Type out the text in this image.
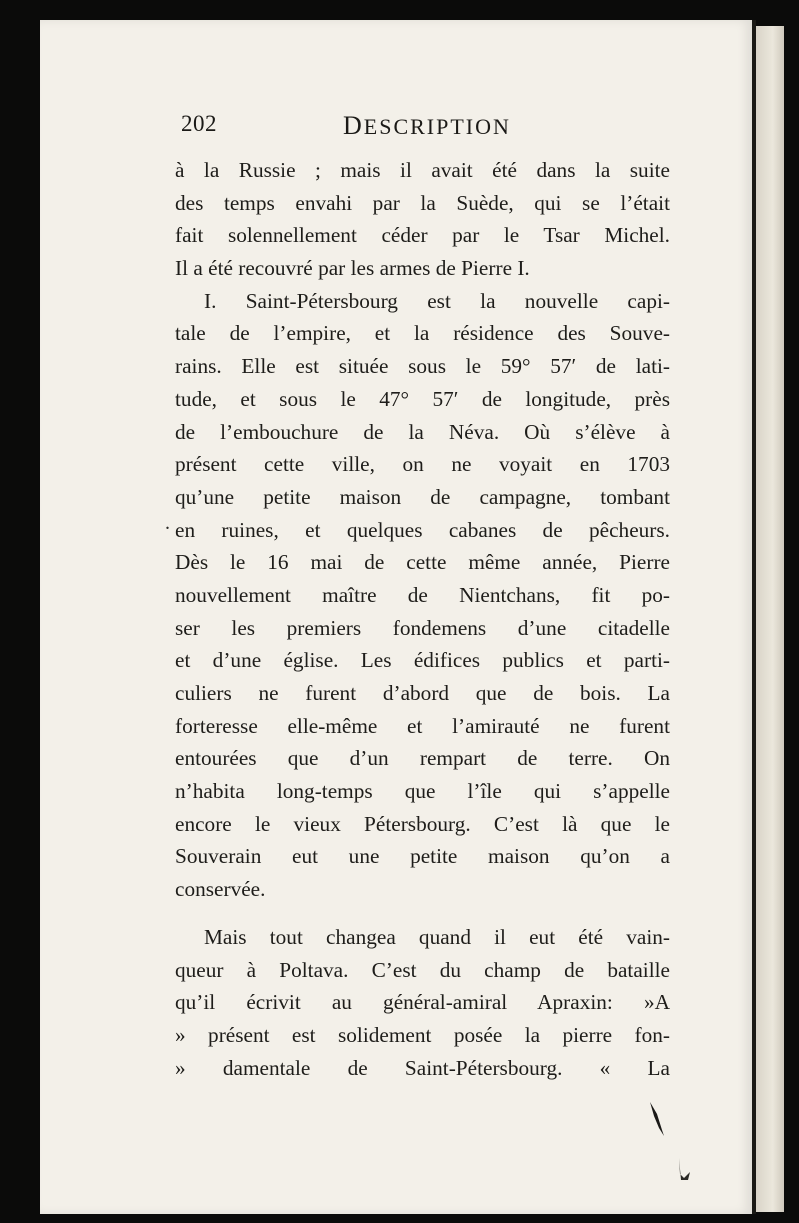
202	DESCRIPTION
.
à la Russie ; mais il avait été dans la suite
des temps envahi par la Suède, qui se l’était
fait solennellement céder par le Tsar Michel.
Il a été recouvré par les armes de Pierre I.
I. Saint-Pétersbourg est la nouvelle capi-
tale de l’empire, et la résidence des Souve-
rains. Elle est située sous le 59° 57′ de lati-
tude, et sous le 47° 57′ de longitude, près
de l’embouchure de la Néva. Où s’élève à
présent cette ville, on ne voyait en 1703
qu’une petite maison de campagne, tombant
en ruines, et quelques cabanes de pêcheurs.
Dès le 16 mai de cette même année, Pierre
nouvellement maître de Nientchans, fit po-
ser les premiers fondemens d’une citadelle
et d’une église. Les édifices publics et parti-
culiers ne furent d’abord que de bois. La
forteresse elle-même et l’amirauté ne furent
entourées que d’un rempart de terre. On
n’habita long-temps que l’île qui s’appelle
encore le vieux Pétersbourg. C’est là que le
Souverain eut une petite maison qu’on a
conservée.
Mais tout changea quand il eut été vain-
queur à Poltava. C’est du champ de bataille
qu’il écrivit au général-amiral Apraxin: »A
» présent est solidement posée la pierre fon-
» damentale de Saint-Pétersbourg. « La
